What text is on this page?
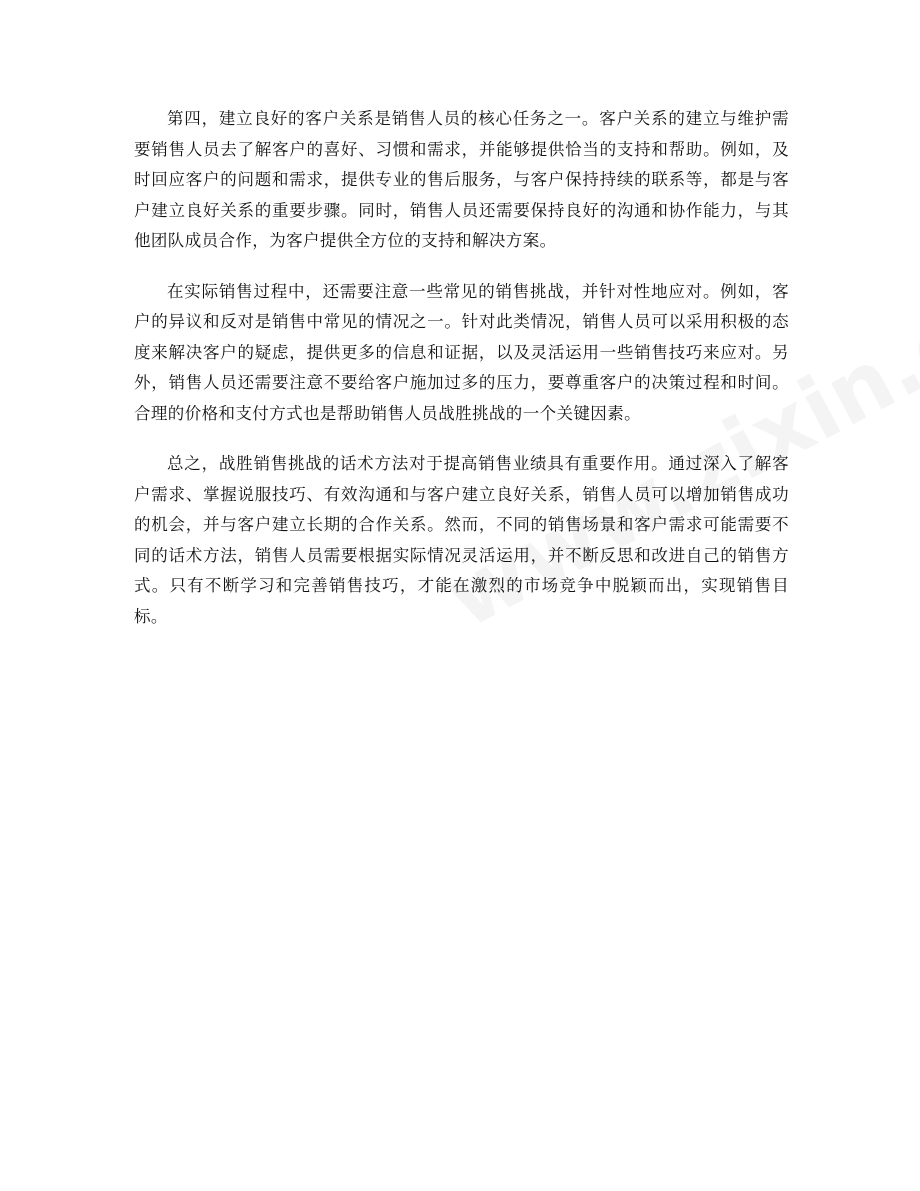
第四，建立良好的客户关系是销售人员的核心任务之一。客户关系的建立与维护需要销售人员去了解客户的喜好、习惯和需求，并能够提供恰当的支持和帮助。例如，及时回应客户的问题和需求，提供专业的售后服务，与客户保持持续的联系等，都是与客户建立良好关系的重要步骤。同时，销售人员还需要保持良好的沟通和协作能力，与其他团队成员合作，为客户提供全方位的支持和解决方案。

在实际销售过程中，还需要注意一些常见的销售挑战，并针对性地应对。例如，客户的异议和反对是销售中常见的情况之一。针对此类情况，销售人员可以采用积极的态度来解决客户的疑虑，提供更多的信息和证据，以及灵活运用一些销售技巧来应对。另外，销售人员还需要注意不要给客户施加过多的压力，要尊重客户的决策过程和时间。合理的价格和支付方式也是帮助销售人员战胜挑战的一个关键因素。

总之，战胜销售挑战的话术方法对于提高销售业绩具有重要作用。通过深入了解客户需求、掌握说服技巧、有效沟通和与客户建立良好关系，销售人员可以增加销售成功的机会，并与客户建立长期的合作关系。然而，不同的销售场景和客户需求可能需要不同的话术方法，销售人员需要根据实际情况灵活运用，并不断反思和改进自己的销售方式。只有不断学习和完善销售技巧，才能在激烈的市场竞争中脱颖而出，实现销售目标。
